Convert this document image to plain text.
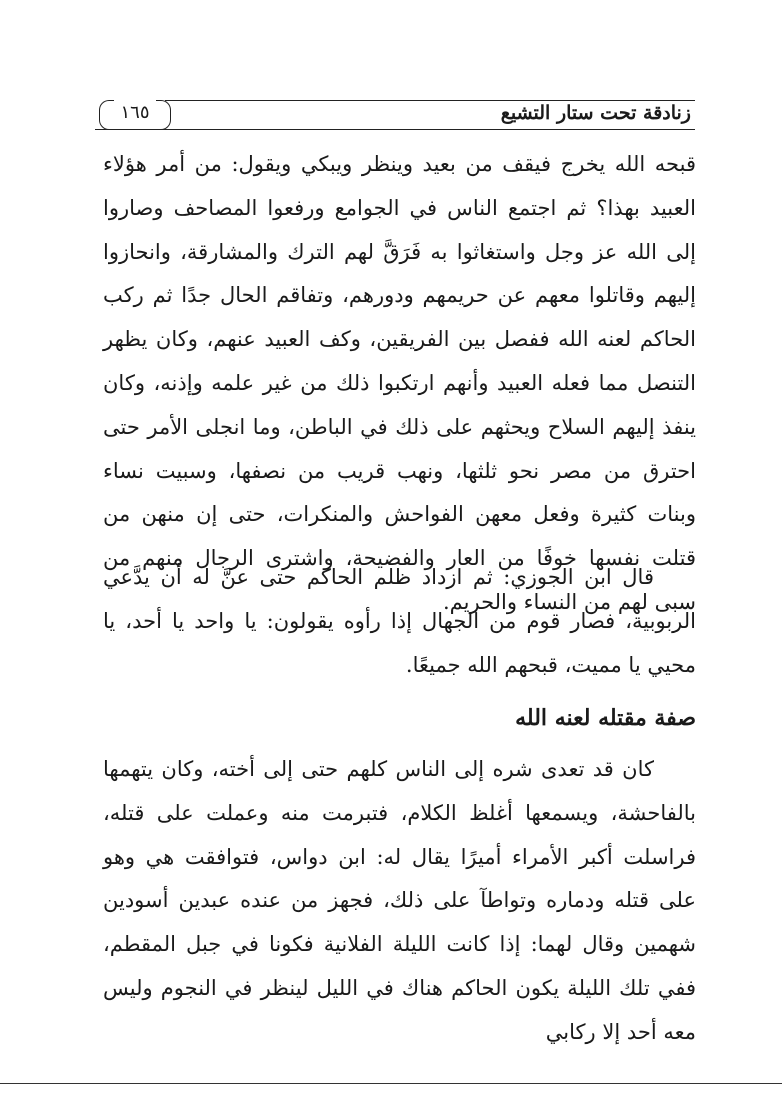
١٦٥	زنادقة تحت ستار التشيع

قبحه الله يخرج فيقف من بعيد وينظر ويبكي ويقول: من أمر هؤلاء العبيد بهذا؟ ثم اجتمع الناس في الجوامع ورفعوا المصاحف وصاروا إلى الله عز وجل واستغاثوا به فَرَقَّ لهم الترك والمشارقة، وانحازوا إليهم وقاتلوا معهم عن حريمهم ودورهم، وتفاقم الحال جدًا ثم ركب الحاكم لعنه الله ففصل بين الفريقين، وكف العبيد عنهم، وكان يظهر التنصل مما فعله العبيد وأنهم ارتكبوا ذلك من غير علمه وإذنه، وكان ينفذ إليهم السلاح ويحثهم على ذلك في الباطن، وما انجلى الأمر حتى احترق من مصر نحو ثلثها، ونهب قريب من نصفها، وسبيت نساء وبنات كثيرة وفعل معهن الفواحش والمنكرات، حتى إن منهن من قتلت نفسها خوفًا من العار والفضيحة، واشترى الرجال منهم من سبى لهم من النساء والحريم.

قال ابن الجوزي: ثم ازداد ظلم الحاكم حتى عنَّ له أن يدَّعي الربوبية، فصار قوم من الجهال إذا رأوه يقولون: يا واحد يا أحد، يا محيي يا مميت، قبحهم الله جميعًا.

صفة مقتله لعنه الله

كان قد تعدى شره إلى الناس كلهم حتى إلى أخته، وكان يتهمها بالفاحشة، ويسمعها أغلظ الكلام، فتبرمت منه وعملت على قتله، فراسلت أكبر الأمراء أميرًا يقال له: ابن دواس، فتوافقت هي وهو على قتله ودماره وتواطآ على ذلك، فجهز من عنده عبدين أسودين شهمين وقال لهما: إذا كانت الليلة الفلانية فكونا في جبل المقطم، ففي تلك الليلة يكون الحاكم هناك في الليل لينظر في النجوم وليس معه أحد إلا ركابي
